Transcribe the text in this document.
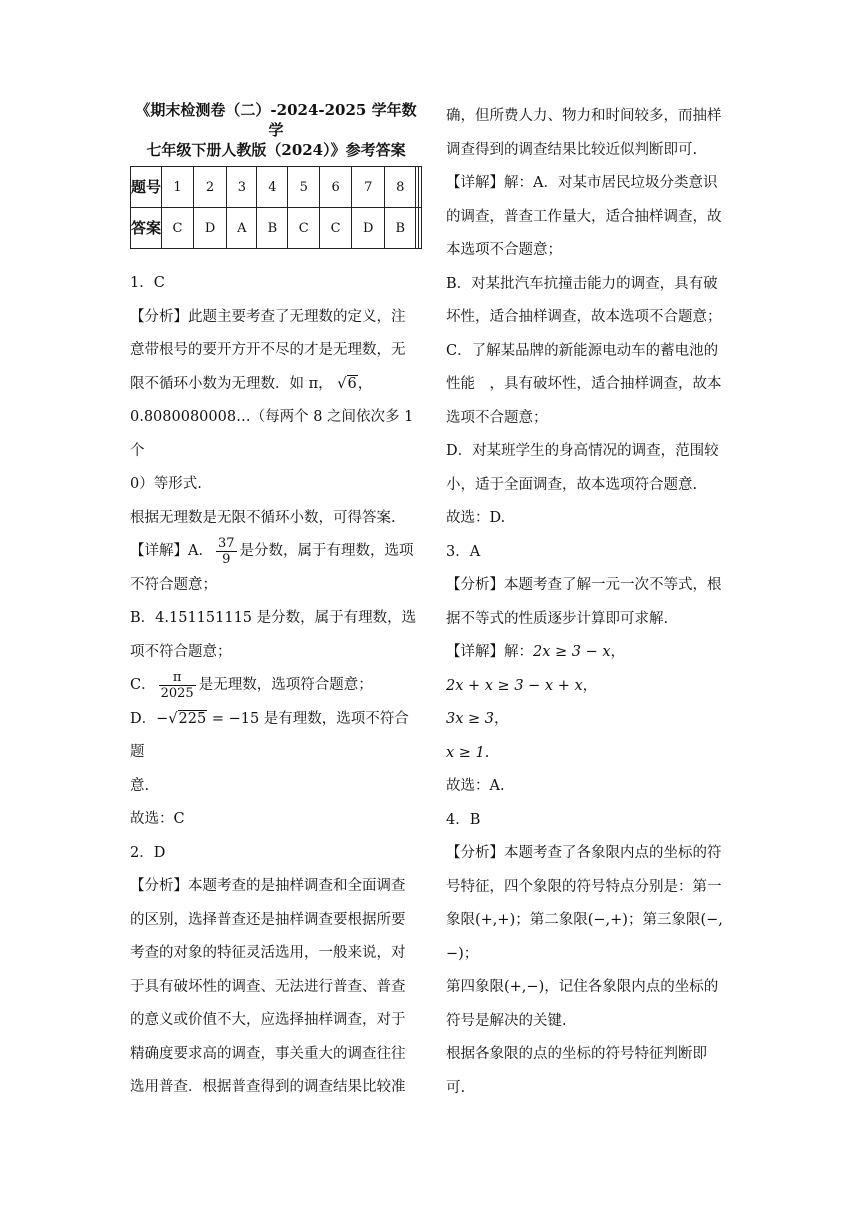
《期末检测卷（二）-2024-2025 学年数学

七年级下册人教版（2024）》参考答案

题号	1	2	3	4	5	6	7	8		
答案	C	D	A	B	C	C	D	B		

1．C

【分析】此题主要考查了无理数的定义，注

意带根号的要开方开不尽的才是无理数，无

限不循环小数为无理数．如 π， √6，

0.8080080008…（每两个 8 之间依次多 1 个

0）等形式.

根据无理数是无限不循环小数，可得答案.

【详解】A． $\frac{37}{9}$ 是分数，属于有理数，选项

不符合题意；

B．4.151151115 是分数，属于有理数，选

项不符合题意；

C． $\frac{\pi}{2025}$ 是无理数，选项符合题意；

D．−√225 = −15 是有理数，选项不符合题

意.

故选：C

2．D

【分析】本题考查的是抽样调查和全面调查

的区别，选择普查还是抽样调查要根据所要

考查的对象的特征灵活选用，一般来说，对

于具有破坏性的调查、无法进行普查、普查

的意义或价值不大，应选择抽样调查，对于

精确度要求高的调查，事关重大的调查往往

选用普查．根据普查得到的调查结果比较准

确，但所费人力、物力和时间较多，而抽样

调查得到的调查结果比较近似判断即可.

【详解】解：A．对某市居民垃圾分类意识

的调查，普查工作量大，适合抽样调查，故

本选项不合题意；

B．对某批汽车抗撞击能力的调查，具有破

坏性，适合抽样调查，故本选项不合题意；

C．了解某品牌的新能源电动车的蓄电池的

性能　，具有破坏性，适合抽样调查，故本

选项不合题意；

D．对某班学生的身高情况的调查，范围较

小，适于全面调查，故本选项符合题意.

故选：D.

3．A

【分析】本题考查了解一元一次不等式，根

据不等式的性质逐步计算即可求解.

【详解】解：2x ≥ 3 − x，

2x + x ≥ 3 − x + x，

3x ≥ 3，

x ≥ 1.

故选：A.

4．B

【分析】本题考查了各象限内点的坐标的符

号特征，四个象限的符号特点分别是：第一

象限(+,+)；第二象限(−,+)；第三象限(−,−)；

第四象限(+,−)，记住各象限内点的坐标的

符号是解决的关键.

根据各象限的点的坐标的符号特征判断即

可.
